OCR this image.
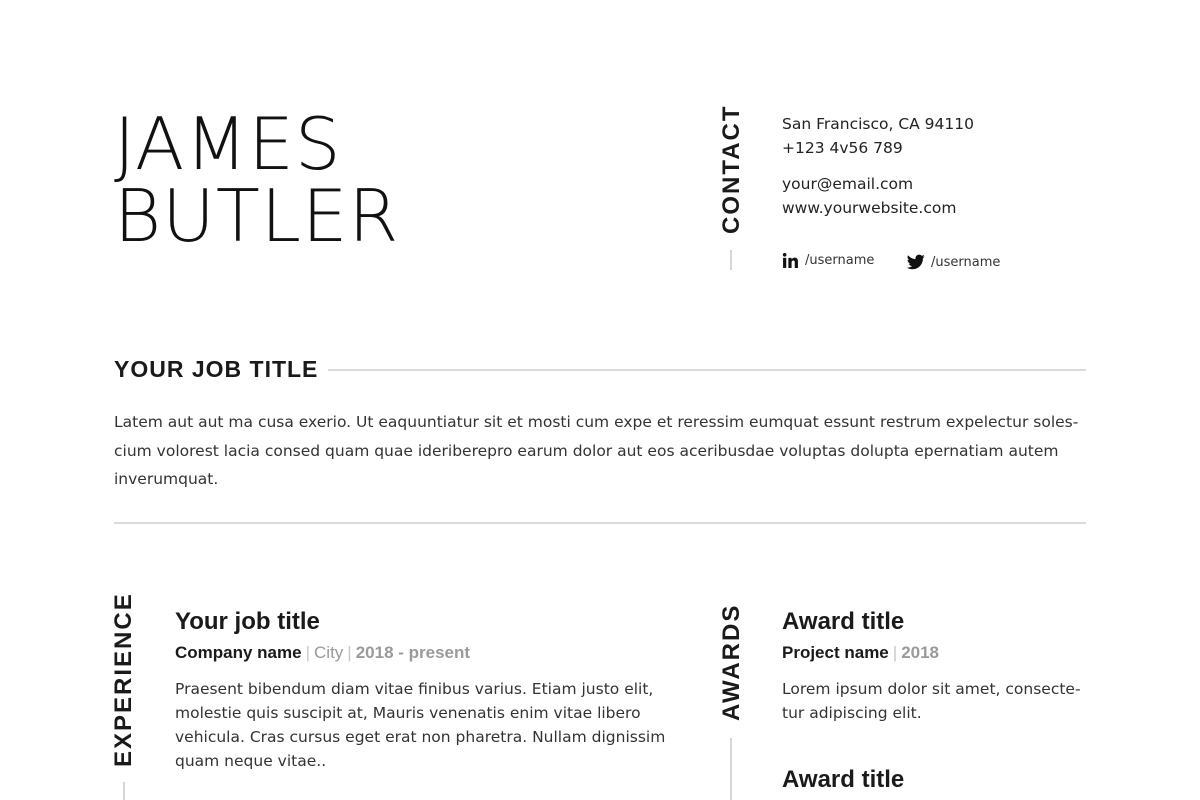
JAMES
BUTLER	CONTACT San Francisco, CA 94110
+123 4v56 789
your@email.com
www.yourwebsite.com
/username	/username
YOUR JOB TITLE
Latem aut aut ma cusa exerio. Ut eaquuntiatur sit et mosti cum expe et reressim eumquat essunt restrum expelectur soles-cium volorest lacia consed quam quae ideriberepro earum dolor aut eos aceribusdae voluptas dolupta epernatiam autem inverumquat.
EXPERIENCE Your job title
Company name | City | 2018 - present
Praesent bibendum diam vitae finibus varius. Etiam justo elit, molestie quis suscipit at, Mauris venenatis enim vitae libero vehicula. Cras cursus eget erat non pharetra. Nullam dignissim quam neque vitae..
AWARDS Award title
Project name | 2018
Lorem ipsum dolor sit amet, consecte-tur adipiscing elit.
Award title
